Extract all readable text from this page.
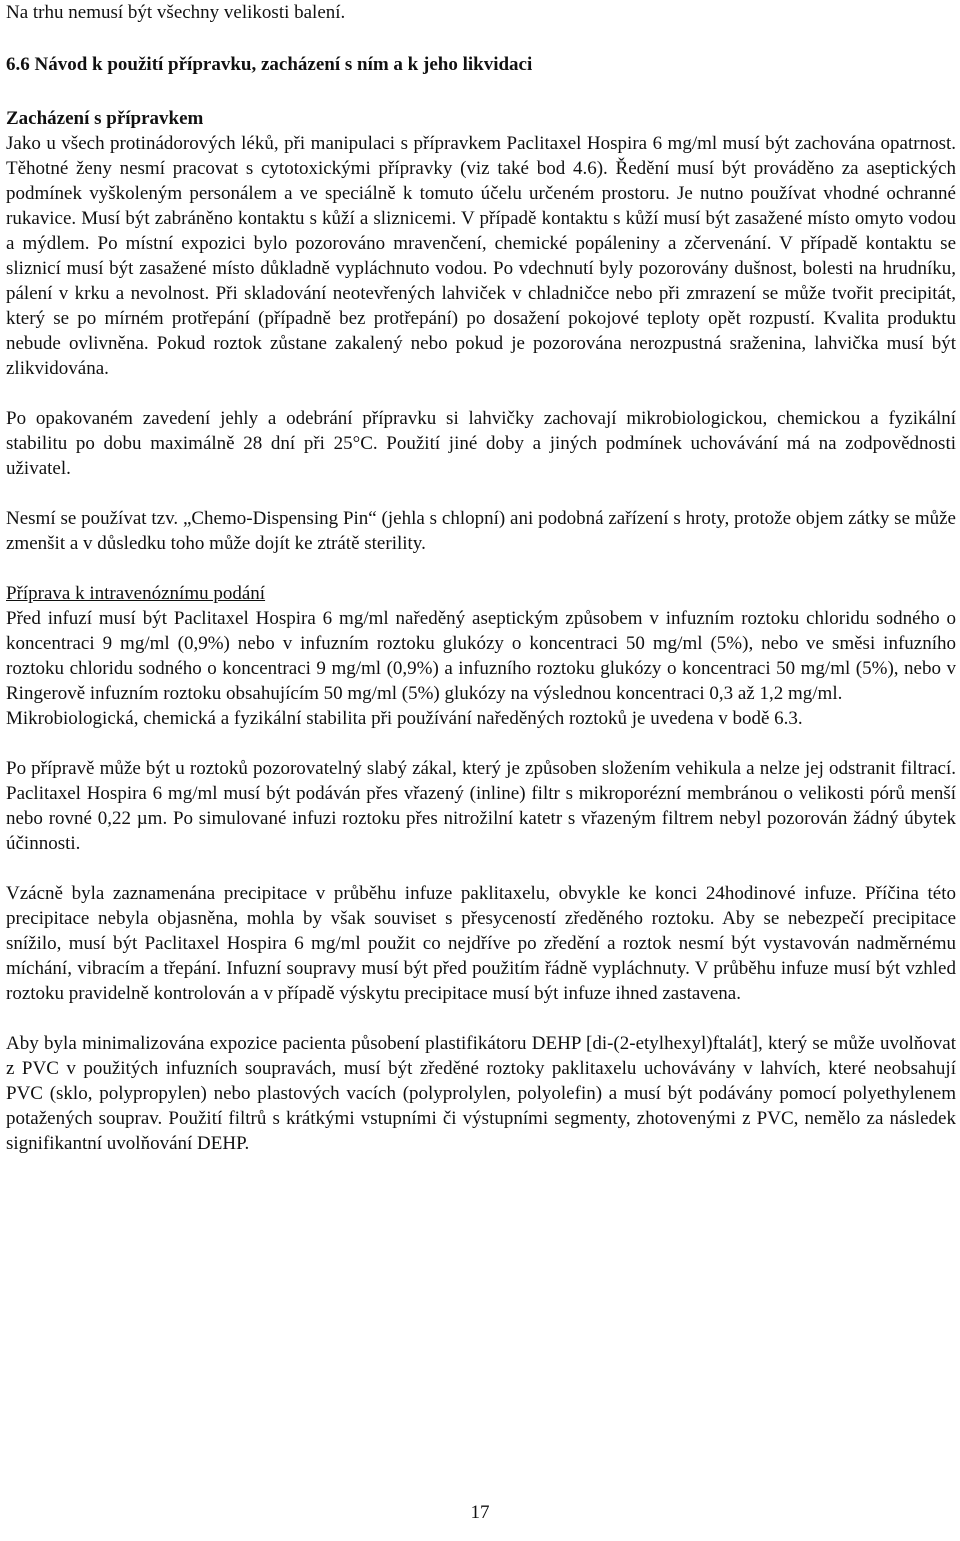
Na trhu nemusí být všechny velikosti balení.

6.6 Návod k použití přípravku, zacházení s ním a k jeho likvidaci
Zacházení s přípravkem

Jako u všech protinádorových léků, při manipulaci s přípravkem Paclitaxel Hospira 6 mg/ml musí být zachována opatrnost. Těhotné ženy nesmí pracovat s cytotoxickými přípravky (viz také bod 4.6). Ředění musí být prováděno za aseptických podmínek vyškoleným personálem a ve speciálně k tomuto účelu určeném prostoru. Je nutno používat vhodné ochranné rukavice. Musí být zabráněno kontaktu s kůží a sliznicemi. V případě kontaktu s kůží musí být zasažené místo omyto vodou a mýdlem. Po místní expozici bylo pozorováno mravenčení, chemické popáleniny a zčervenání. V případě kontaktu se sliznicí musí být zasažené místo důkladně vypláchnuto vodou. Po vdechnutí byly pozorovány dušnost, bolesti na hrudníku, pálení v krku a nevolnost. Při skladování neotevřených lahviček v chladničce nebo při zmrazení se může tvořit precipitát, který se po mírném protřepání (případně bez protřepání) po dosažení pokojové teploty opět rozpustí. Kvalita produktu nebude ovlivněna. Pokud roztok zůstane zakalený nebo pokud je pozorována nerozpustná sraženina, lahvička musí být zlikvidována.

Po opakovaném zavedení jehly a odebrání přípravku si lahvičky zachovají mikrobiologickou, chemickou a fyzikální stabilitu po dobu maximálně 28 dní při 25°C. Použití jiné doby a jiných podmínek uchovávání má na zodpovědnosti uživatel.

Nesmí se používat tzv. „Chemo-Dispensing Pin“ (jehla s chlopní) ani podobná zařízení s hroty, protože objem zátky se může zmenšit a v důsledku toho může dojít ke ztrátě sterility.

Příprava k intravenóznímu podání

Před infuzí musí být Paclitaxel Hospira 6 mg/ml naředěný aseptickým způsobem v infuzním roztoku chloridu sodného o koncentraci 9 mg/ml (0,9%) nebo v infuzním roztoku glukózy o koncentraci 50 mg/ml (5%), nebo ve směsi infuzního roztoku chloridu sodného o koncentraci 9 mg/ml (0,9%) a infuzního roztoku glukózy o koncentraci 50 mg/ml (5%), nebo v Ringerově infuzním roztoku obsahujícím 50 mg/ml (5%) glukózy na výslednou koncentraci 0,3 až 1,2 mg/ml.

Mikrobiologická, chemická a fyzikální stabilita při používání naředěných roztoků je uvedena v bodě 6.3.

Po přípravě může být u roztoků pozorovatelný slabý zákal, který je způsoben složením vehikula a nelze jej odstranit filtrací. Paclitaxel Hospira 6 mg/ml musí být podáván přes vřazený (inline) filtr s mikroporézní membránou o velikosti pórů menší nebo rovné 0,22 µm. Po simulované infuzi roztoku přes nitrožilní katetr s vřazeným filtrem nebyl pozorován žádný úbytek účinnosti.

Vzácně byla zaznamenána precipitace v průběhu infuze paklitaxelu, obvykle ke konci 24hodinové infuze. Příčina této precipitace nebyla objasněna, mohla by však souviset s přesyceností zředěného roztoku. Aby se nebezpečí precipitace snížilo, musí být Paclitaxel Hospira 6 mg/ml použit co nejdříve po zředění a roztok nesmí být vystavován nadměrnému míchání, vibracím a třepání. Infuzní soupravy musí být před použitím řádně vypláchnuty. V průběhu infuze musí být vzhled roztoku pravidelně kontrolován a v případě výskytu precipitace musí být infuze ihned zastavena.

Aby byla minimalizována expozice pacienta působení plastifikátoru DEHP [di-(2-etylhexyl)ftalát], který se může uvolňovat z PVC v použitých infuzních soupravách, musí být zředěné roztoky paklitaxelu uchovávány v lahvích, které neobsahují PVC (sklo, polypropylen) nebo plastových vacích (polyprolylen, polyolefin) a musí být podávány pomocí polyethylenem potažených souprav. Použití filtrů s krátkými vstupními či výstupními segmenty, zhotovenými z PVC, nemělo za následek signifikantní uvolňování DEHP.

17
